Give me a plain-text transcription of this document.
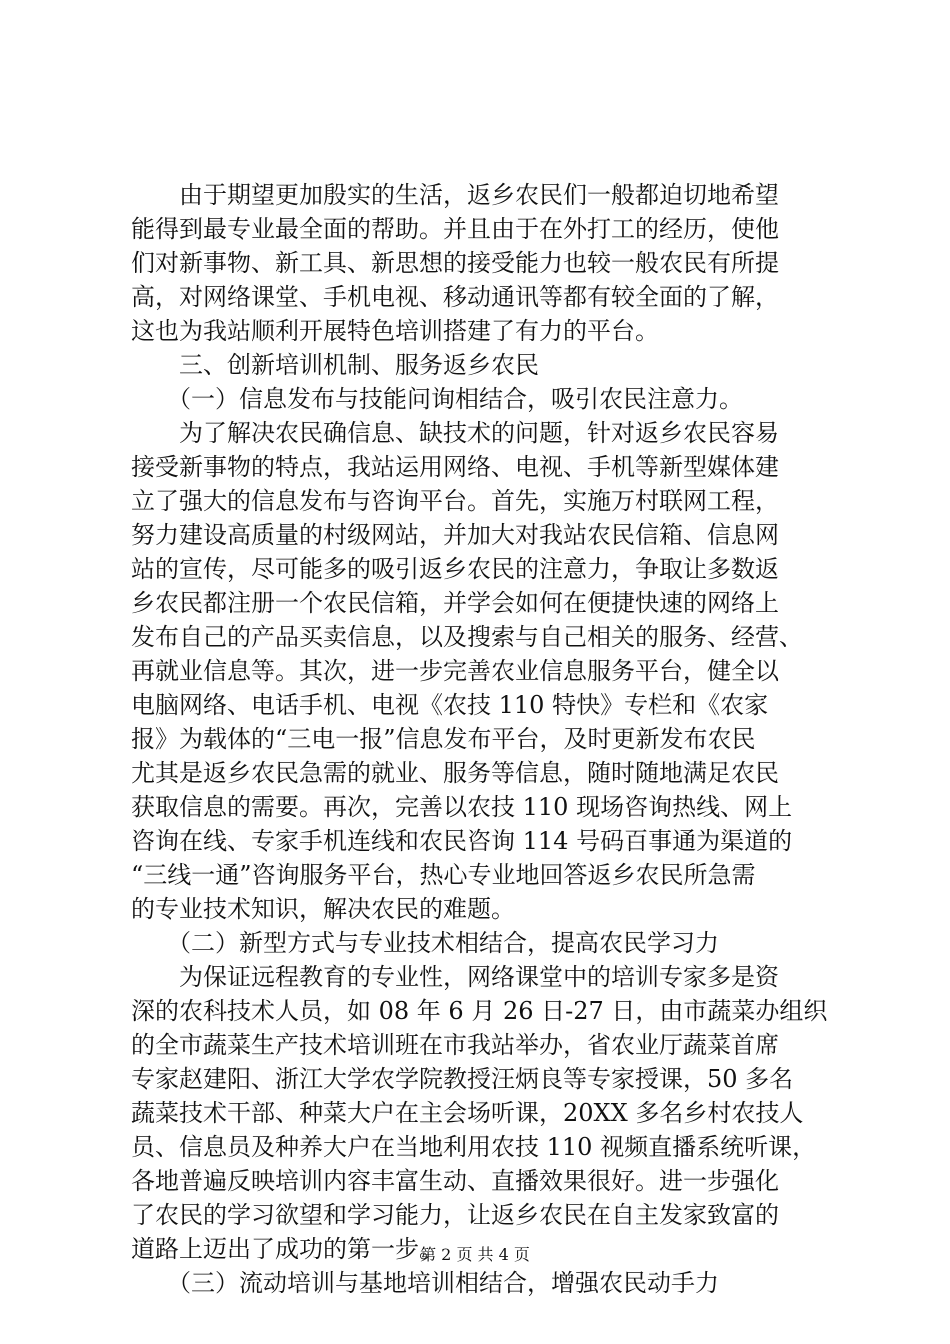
　　由于期望更加殷实的生活，返乡农民们一般都迫切地希望
能得到最专业最全面的帮助。并且由于在外打工的经历，使他
们对新事物、新工具、新思想的接受能力也较一般农民有所提
高，对网络课堂、手机电视、移动通讯等都有较全面的了解，
这也为我站顺利开展特色培训搭建了有力的平台。
　　三、创新培训机制、服务返乡农民
　　（一）信息发布与技能问询相结合，吸引农民注意力。
　　为了解决农民确信息、缺技术的问题，针对返乡农民容易
接受新事物的特点，我站运用网络、电视、手机等新型媒体建
立了强大的信息发布与咨询平台。首先，实施万村联网工程，
努力建设高质量的村级网站，并加大对我站农民信箱、信息网
站的宣传，尽可能多的吸引返乡农民的注意力，争取让多数返
乡农民都注册一个农民信箱，并学会如何在便捷快速的网络上
发布自己的产品买卖信息，以及搜索与自己相关的服务、经营、
再就业信息等。其次，进一步完善农业信息服务平台，健全以
电脑网络、电话手机、电视《农技 110 特快》专栏和《农家
报》为载体的“三电一报”信息发布平台，及时更新发布农民
尤其是返乡农民急需的就业、服务等信息，随时随地满足农民
获取信息的需要。再次，完善以农技 110 现场咨询热线、网上
咨询在线、专家手机连线和农民咨询 114 号码百事通为渠道的
“三线一通”咨询服务平台，热心专业地回答返乡农民所急需
的专业技术知识，解决农民的难题。
　　（二）新型方式与专业技术相结合，提高农民学习力
　　为保证远程教育的专业性，网络课堂中的培训专家多是资
深的农科技术人员，如 08 年 6 月 26 日-27 日，由市蔬菜办组织
的全市蔬菜生产技术培训班在市我站举办，省农业厅蔬菜首席
专家赵建阳、浙江大学农学院教授汪炳良等专家授课，50 多名
蔬菜技术干部、种菜大户在主会场听课，20XX 多名乡村农技人
员、信息员及种养大户在当地利用农技 110 视频直播系统听课，
各地普遍反映培训内容丰富生动、直播效果很好。进一步强化
了农民的学习欲望和学习能力，让返乡农民在自主发家致富的
道路上迈出了成功的第一步。
　　（三）流动培训与基地培训相结合，增强农民动手力
第 2 页 共 4 页
